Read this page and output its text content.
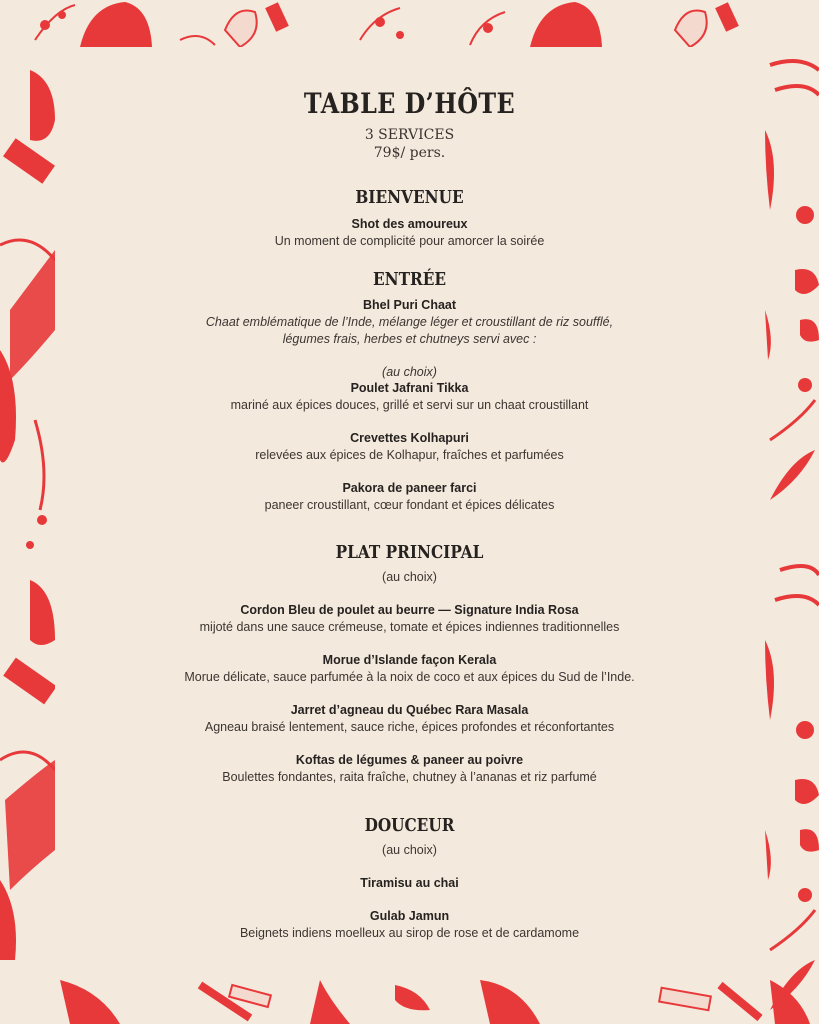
TABLE D’HÔTE
3 SERVICES
79$/ pers.
BIENVENUE
Shot des amoureux
Un moment de complicité pour amorcer la soirée
ENTRÉE
Bhel Puri Chaat
Chaat emblématique de l’Inde, mélange léger et croustillant de riz soufflé,
légumes frais, herbes et chutneys servi avec :
(au choix)
Poulet Jafrani Tikka
mariné aux épices douces, grillé et servi sur un chaat croustillant
Crevettes Kolhapuri
relevées aux épices de Kolhapur, fraîches et parfumées
Pakora de paneer farci
paneer croustillant, cœur fondant et épices délicates
PLAT PRINCIPAL
(au choix)
Cordon Bleu de poulet au beurre — Signature India Rosa
mijoté dans une sauce crémeuse, tomate et épices indiennes traditionnelles
Morue d’Islande façon Kerala
Morue délicate, sauce parfumée à la noix de coco et aux épices du Sud de l’Inde.
Jarret d’agneau du Québec Rara Masala
Agneau braisé lentement, sauce riche, épices profondes et réconfortantes
Koftas de légumes & paneer au poivre
Boulettes fondantes, raita fraîche, chutney à l’ananas et riz parfumé
DOUCEUR
(au choix)
Tiramisu au chai
Gulab Jamun
Beignets indiens moelleux au sirop de rose et de cardamome
